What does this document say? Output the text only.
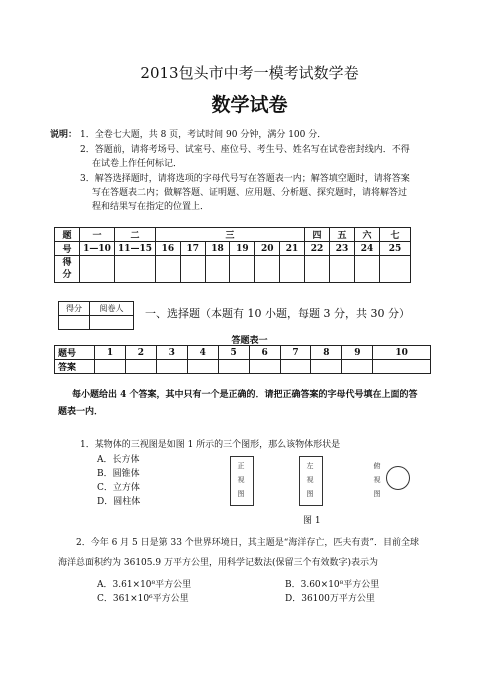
2013包头市中考一模考试数学卷
数学试卷
说明： 1．全卷七大题，共 8 页，考试时间 90 分钟，满分 100 分．
2．答题前，请将考场号、试室号、座位号、考生号、姓名写在试卷密封线内．不得
在试卷上作任何标记．
3．解答选择题时，请将选项的字母代号写在答题表一内；解答填空题时，请将答案
写在答题表二内；做解答题、证明题、应用题、分析题、探究题时，请将解答过
程和结果写在指定的位置上．
题	一	二	三						四	五	六	七
号	1—10	11—15	16	17	18	19	20	21	22	23	24	25
得
分												
得分	阅卷人
	一、选择题（本题有 10 小题，每题 3 分，共 30 分）
答题表一
题号	1	2	3	4	5	6	7	8	9	10
答案										
每小题给出 4 个答案，其中只有一个是正确的．请把正确答案的字母代号填在上面的答
题表一内．
1．某物体的三视图是如图 1 所示的三个图形，那么该物体形状是
A．长方体
B．圆锥体
C．立方体
D．圆柱体
正
视
图
左
视
图
俯
视
图
图 1
2．今年 6 月 5 日是第 33 个世界环境日，其主题是“海洋存亡，匹夫有责”．目前全球
海洋总面积约为 36105.9 万平方公里，用科学记数法(保留三个有效数字)表示为
A．3.61×10⁸平方公里	B．3.60×10⁸平方公里
C．361×10⁶平方公里	D．36100万平方公里
